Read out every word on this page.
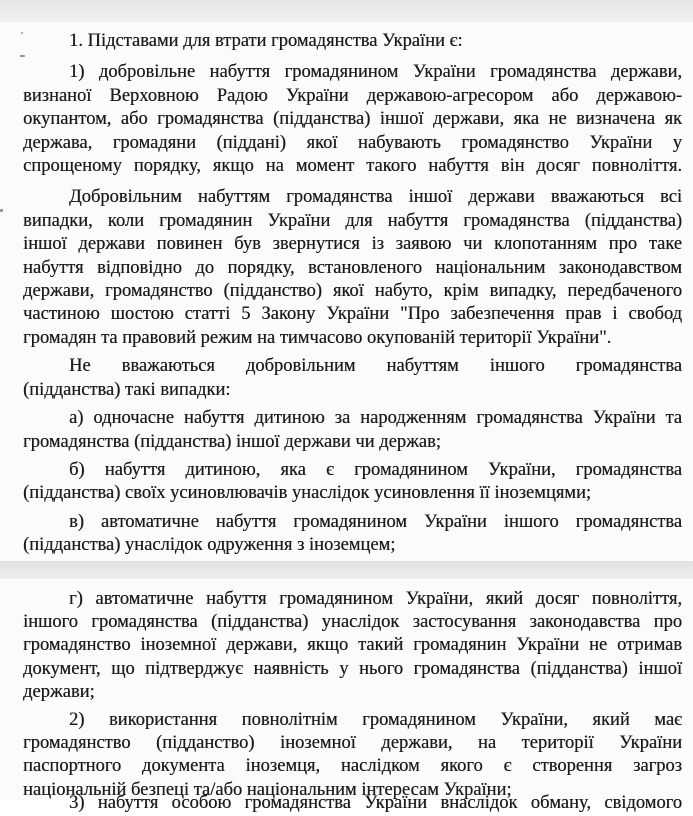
1. Підставами для втрати громадянства України є:
1) добровільне набуття громадянином України громадянства держави,
визнаної Верховною Радою України державою-агресором або державою-
окупантом, або громадянства (підданства) іншої держави, яка не визначена як
держава, громадяни (піддані) якої набувають громадянство України у
спрощеному порядку, якщо на момент такого набуття він досяг повноліття.
Добровільним набуттям громадянства іншої держави вважаються всі
випадки, коли громадянин України для набуття громадянства (підданства)
іншої держави повинен був звернутися із заявою чи клопотанням про таке
набуття відповідно до порядку, встановленого національним законодавством
держави, громадянство (підданство) якої набуто, крім випадку, передбаченого
частиною шостою статті 5 Закону України "Про забезпечення прав і свобод
громадян та правовий режим на тимчасово окупованій території України".
Не вважаються добровільним набуттям іншого громадянства
(підданства) такі випадки:
а) одночасне набуття дитиною за народженням громадянства України та
громадянства (підданства) іншої держави чи держав;
б) набуття дитиною, яка є громадянином України, громадянства
(підданства) своїх усиновлювачів унаслідок усиновлення її іноземцями;
в) автоматичне набуття громадянином України іншого громадянства
(підданства) унаслідок одруження з іноземцем;
г) автоматичне набуття громадянином України, який досяг повноліття,
іншого громадянства (підданства) унаслідок застосування законодавства про
громадянство іноземної держави, якщо такий громадянин України не отримав
документ, що підтверджує наявність у нього громадянства (підданства) іншої
держави;
2) використання повнолітнім громадянином України, який має
громадянство (підданство) іноземної держави, на території України
паспортного документа іноземця, наслідком якого є створення загроз
національній безпеці та/або національним інтересам України;
3) набуття особою громадянства України внаслідок обману, свідомого
